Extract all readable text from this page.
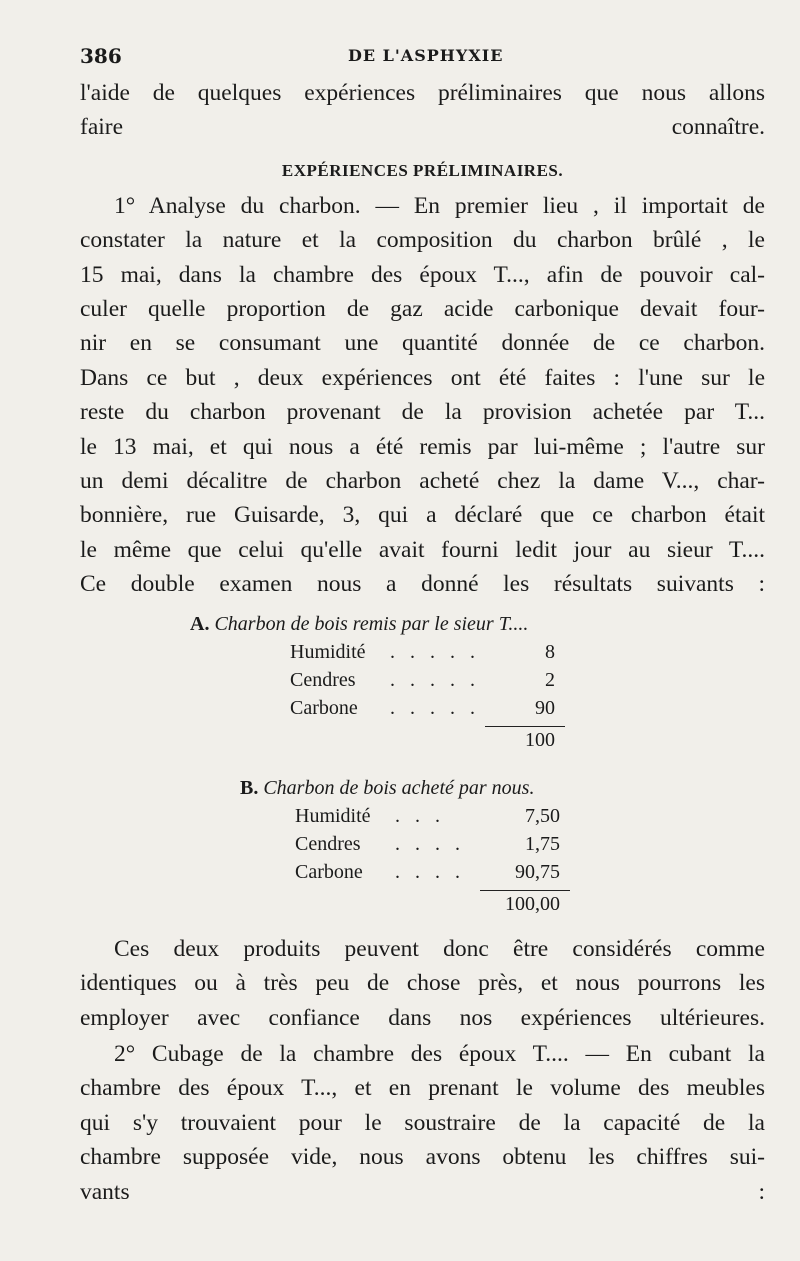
386	DE L'ASPHYXIE
l'aide de quelques expériences préliminaires que nous allons
faire connaître.
EXPÉRIENCES PRÉLIMINAIRES.
1° Analyse du charbon. — En premier lieu , il importait de
constater la nature et la composition du charbon brûlé , le
15 mai, dans la chambre des époux T..., afin de pouvoir cal-
culer quelle proportion de gaz acide carbonique devait four-
nir en se consumant une quantité donnée de ce charbon.
Dans ce but , deux expériences ont été faites : l'une sur le
reste du charbon provenant de la provision achetée par T...
le 13 mai, et qui nous a été remis par lui-même ; l'autre sur
un demi décalitre de charbon acheté chez la dame V..., char-
bonnière, rue Guisarde, 3, qui a déclaré que ce charbon était
le même que celui qu'elle avait fourni ledit jour au sieur T....
Ce double examen nous a donné les résultats suivants :
A. Charbon de bois remis par le sieur T....
Humidité . . . . .	8
Cendres . . . . .	2
Carbone . . . . .	90
100
B. Charbon de bois acheté par nous.
Humidité . . .	7,50
Cendres . . . .	1,75
Carbone . . . .	90,75
100,00
Ces deux produits peuvent donc être considérés comme
identiques ou à très peu de chose près, et nous pourrons les
employer avec confiance dans nos expériences ultérieures.
2° Cubage de la chambre des époux T.... — En cubant la
chambre des époux T..., et en prenant le volume des meubles
qui s'y trouvaient pour le soustraire de la capacité de la
chambre supposée vide, nous avons obtenu les chiffres sui-
vants :
